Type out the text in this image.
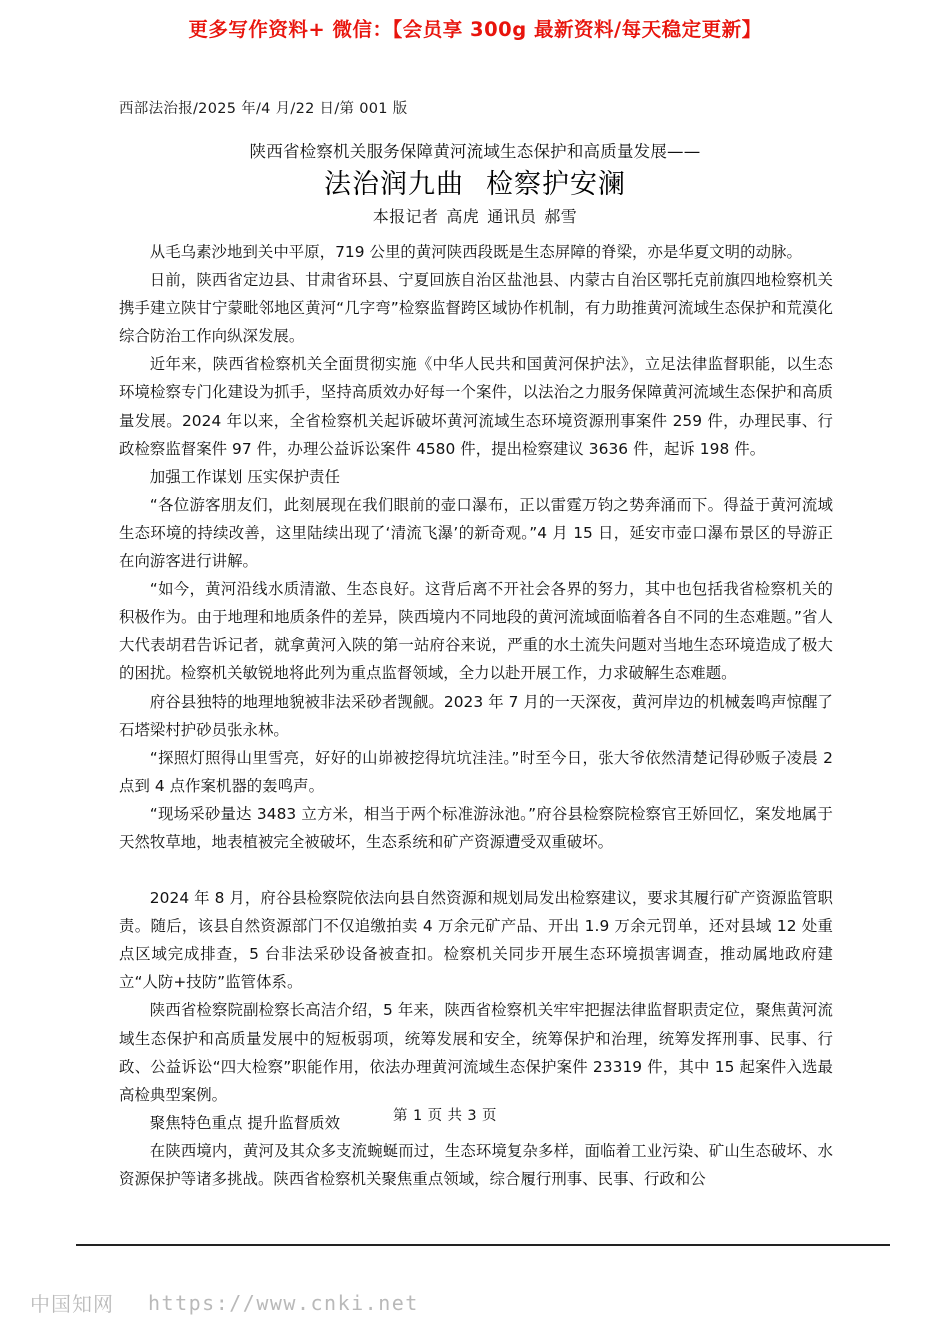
更多写作资料+ 微信：【会员享 300g 最新资料/每天稳定更新】
西部法治报/2025 年/4 月/22 日/第 001 版
陕西省检察机关服务保障黄河流域生态保护和高质量发展——
法治润九曲 检察护安澜
本报记者 高虎 通讯员 郝雪

从毛乌素沙地到关中平原，719 公里的黄河陕西段既是生态屏障的脊梁，亦是华夏文明的动脉。

日前，陕西省定边县、甘肃省环县、宁夏回族自治区盐池县、内蒙古自治区鄂托克前旗四地检察机关携手建立陕甘宁蒙毗邻地区黄河“几字弯”检察监督跨区域协作机制，有力助推黄河流域生态保护和荒漠化综合防治工作向纵深发展。

近年来，陕西省检察机关全面贯彻实施《中华人民共和国黄河保护法》，立足法律监督职能，以生态环境检察专门化建设为抓手，坚持高质效办好每一个案件，以法治之力服务保障黄河流域生态保护和高质量发展。2024 年以来，全省检察机关起诉破坏黄河流域生态环境资源刑事案件 259 件，办理民事、行政检察监督案件 97 件，办理公益诉讼案件 4580 件，提出检察建议 3636 件，起诉 198 件。

加强工作谋划 压实保护责任

“各位游客朋友们，此刻展现在我们眼前的壶口瀑布，正以雷霆万钧之势奔涌而下。得益于黄河流域生态环境的持续改善，这里陆续出现了‘清流飞瀑’的新奇观。”4 月 15 日，延安市壶口瀑布景区的导游正在向游客进行讲解。

“如今，黄河沿线水质清澈、生态良好。这背后离不开社会各界的努力，其中也包括我省检察机关的积极作为。由于地理和地质条件的差异，陕西境内不同地段的黄河流域面临着各自不同的生态难题。”省人大代表胡君告诉记者，就拿黄河入陕的第一站府谷来说，严重的水土流失问题对当地生态环境造成了极大的困扰。检察机关敏锐地将此列为重点监督领域，全力以赴开展工作，力求破解生态难题。

府谷县独特的地理地貌被非法采砂者觊觎。2023 年 7 月的一天深夜，黄河岸边的机械轰鸣声惊醒了石塔梁村护砂员张永林。

“探照灯照得山里雪亮，好好的山峁被挖得坑坑洼洼。”时至今日，张大爷依然清楚记得砂贩子凌晨 2 点到 4 点作案机器的轰鸣声。

“现场采砂量达 3483 立方米，相当于两个标准游泳池。”府谷县检察院检察官王娇回忆，案发地属于天然牧草地，地表植被完全被破坏，生态系统和矿产资源遭受双重破坏。

2024 年 8 月，府谷县检察院依法向县自然资源和规划局发出检察建议，要求其履行矿产资源监管职责。随后，该县自然资源部门不仅追缴拍卖 4 万余元矿产品、开出 1.9 万余元罚单，还对县域 12 处重点区域完成排查，5 台非法采砂设备被查扣。检察机关同步开展生态环境损害调查，推动属地政府建立“人防+技防”监管体系。

陕西省检察院副检察长高洁介绍，5 年来，陕西省检察机关牢牢把握法律监督职责定位，聚焦黄河流域生态保护和高质量发展中的短板弱项，统筹发展和安全，统筹保护和治理，统筹发挥刑事、民事、行政、公益诉讼“四大检察”职能作用，依法办理黄河流域生态保护案件 23319 件，其中 15 起案件入选最高检典型案例。

聚焦特色重点 提升监督质效

在陕西境内，黄河及其众多支流蜿蜒而过，生态环境复杂多样，面临着工业污染、矿山生态破坏、水资源保护等诸多挑战。陕西省检察机关聚焦重点领域，综合履行刑事、民事、行政和公

第 1 页 共 3 页
中国知网 https://www.cnki.net
